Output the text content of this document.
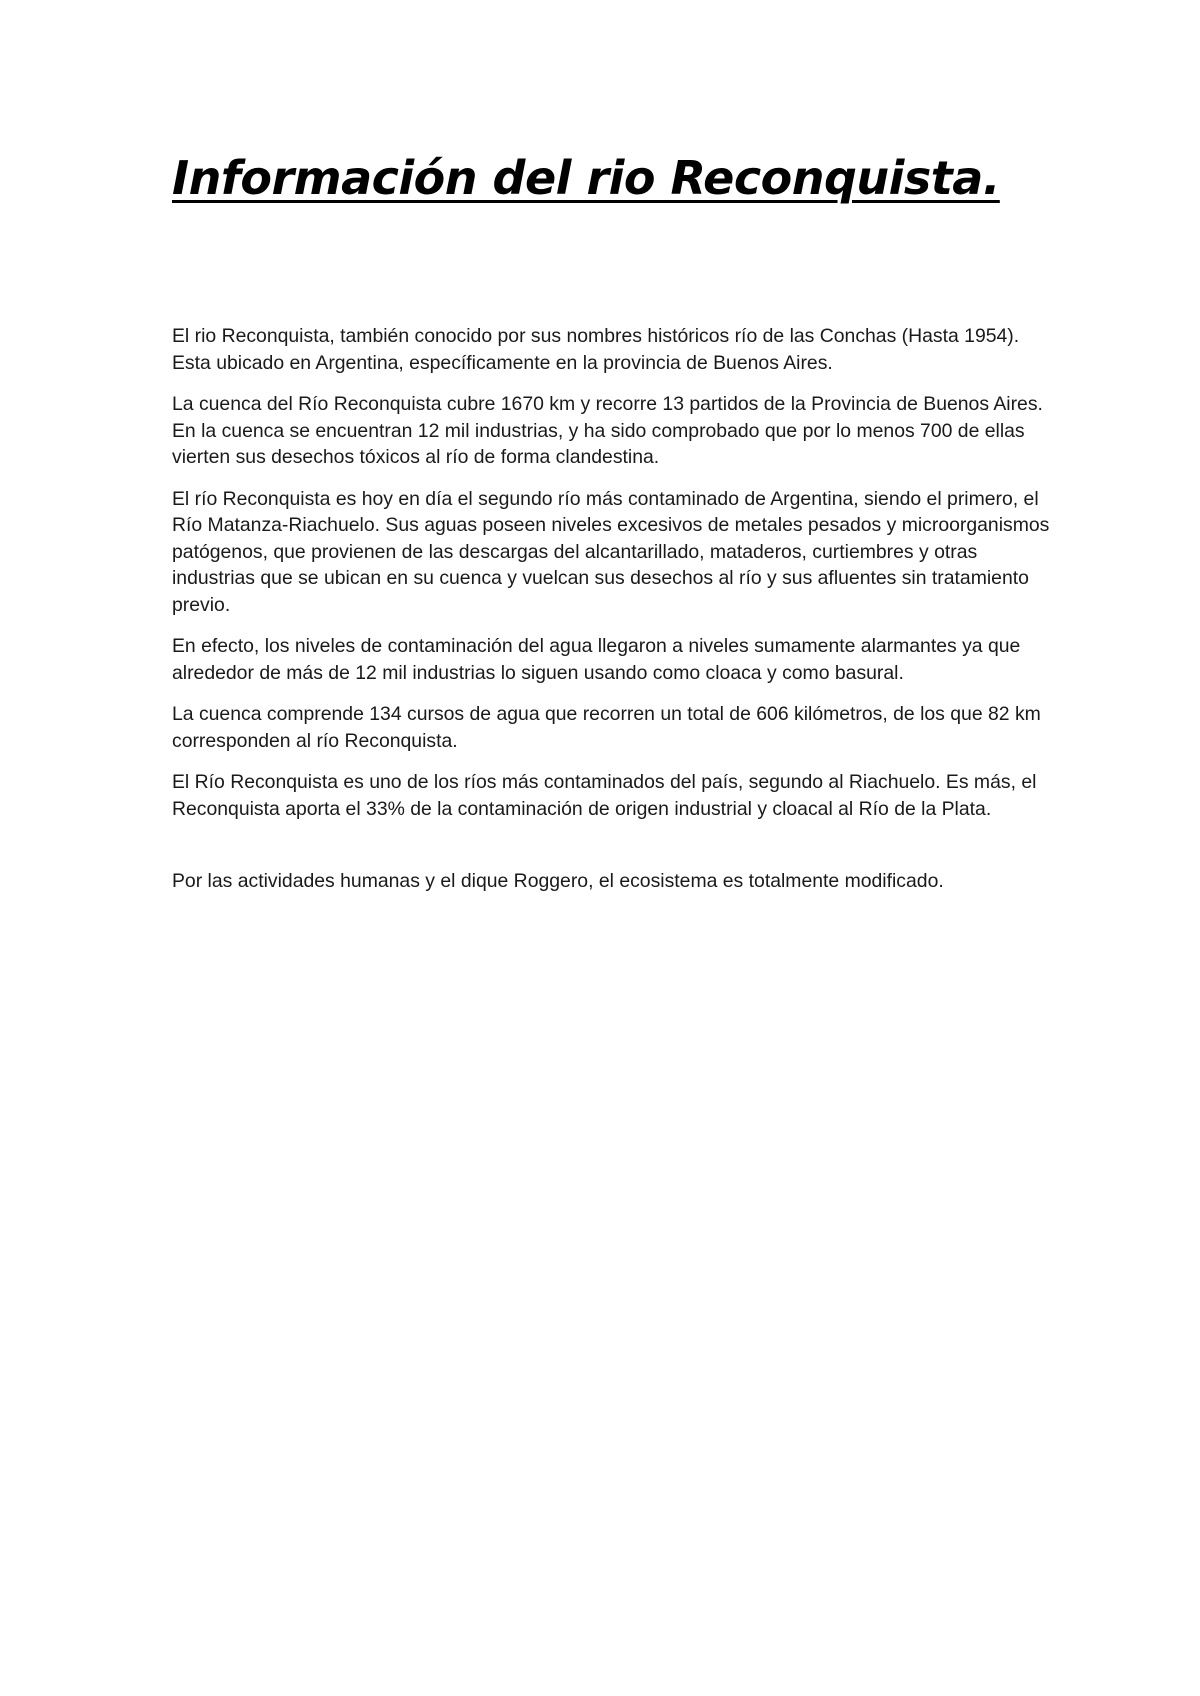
Información del rio Reconquista.

El rio Reconquista, también conocido por sus nombres históricos río de las Conchas (Hasta 1954). Esta ubicado en Argentina, específicamente en la provincia de Buenos Aires.

La cuenca del Río Reconquista cubre 1670 km y recorre 13 partidos de la Provincia de Buenos Aires. En la cuenca se encuentran 12 mil industrias, y ha sido comprobado que por lo menos 700 de ellas vierten sus desechos tóxicos al río de forma clandestina.

El río Reconquista es hoy en día el segundo río más contaminado de Argentina, siendo el primero, el Río Matanza-Riachuelo. Sus aguas poseen niveles excesivos de metales pesados y microorganismos patógenos, que provienen de las descargas del alcantarillado, mataderos, curtiembres y otras industrias que se ubican en su cuenca y vuelcan sus desechos al río y sus afluentes sin tratamiento previo.

En efecto, los niveles de contaminación del agua llegaron a niveles sumamente alarmantes ya que alrededor de más de 12 mil industrias lo siguen usando como cloaca y como basural.

La cuenca comprende 134 cursos de agua que recorren un total de 606 kilómetros, de los que 82 km corresponden al río Reconquista.

El Río Reconquista es uno de los ríos más contaminados del país, segundo al Riachuelo. Es más, el Reconquista aporta el 33% de la contaminación de origen industrial y cloacal al Río de la Plata.

Por las actividades humanas y el dique Roggero, el ecosistema es totalmente modificado.
